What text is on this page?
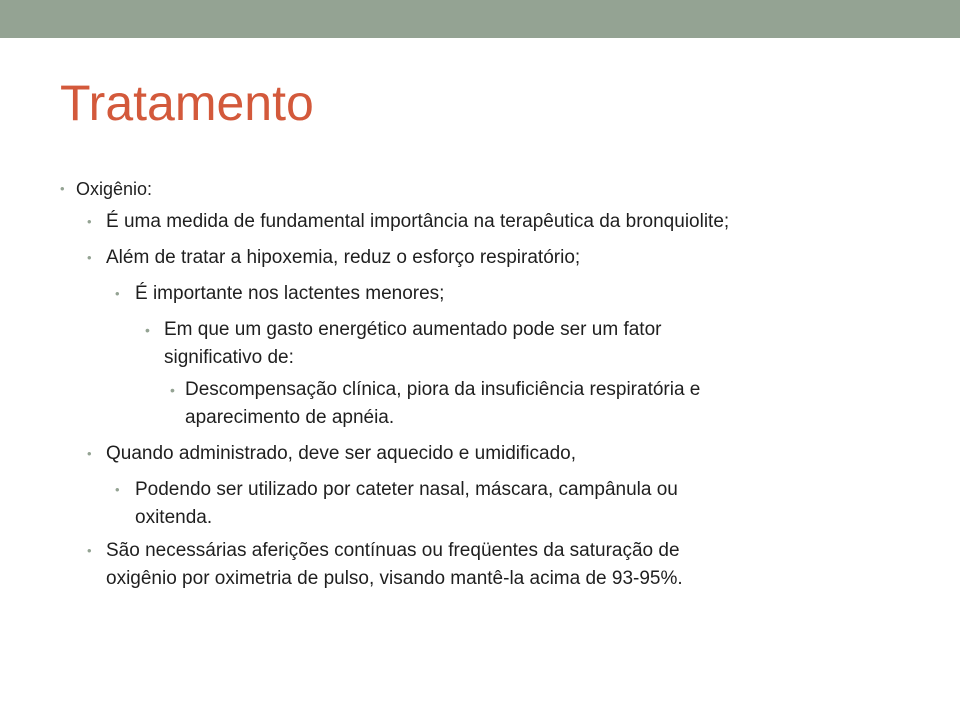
Tratamento
• Oxigênio:
• É uma medida de fundamental importância na terapêutica da bronquiolite;
• Além de tratar a hipoxemia, reduz o esforço respiratório;
• É importante nos lactentes menores;
• Em que um gasto energético aumentado pode ser um fator
significativo de:
• Descompensação clínica, piora da insuficiência respiratória e
aparecimento de apnéia.
• Quando administrado, deve ser aquecido e umidificado,
• Podendo ser utilizado por cateter nasal, máscara, campânula ou
oxitenda.
• São necessárias aferições contínuas ou freqüentes da saturação de
oxigênio por oximetria de pulso, visando mantê-la acima de 93-95%.
